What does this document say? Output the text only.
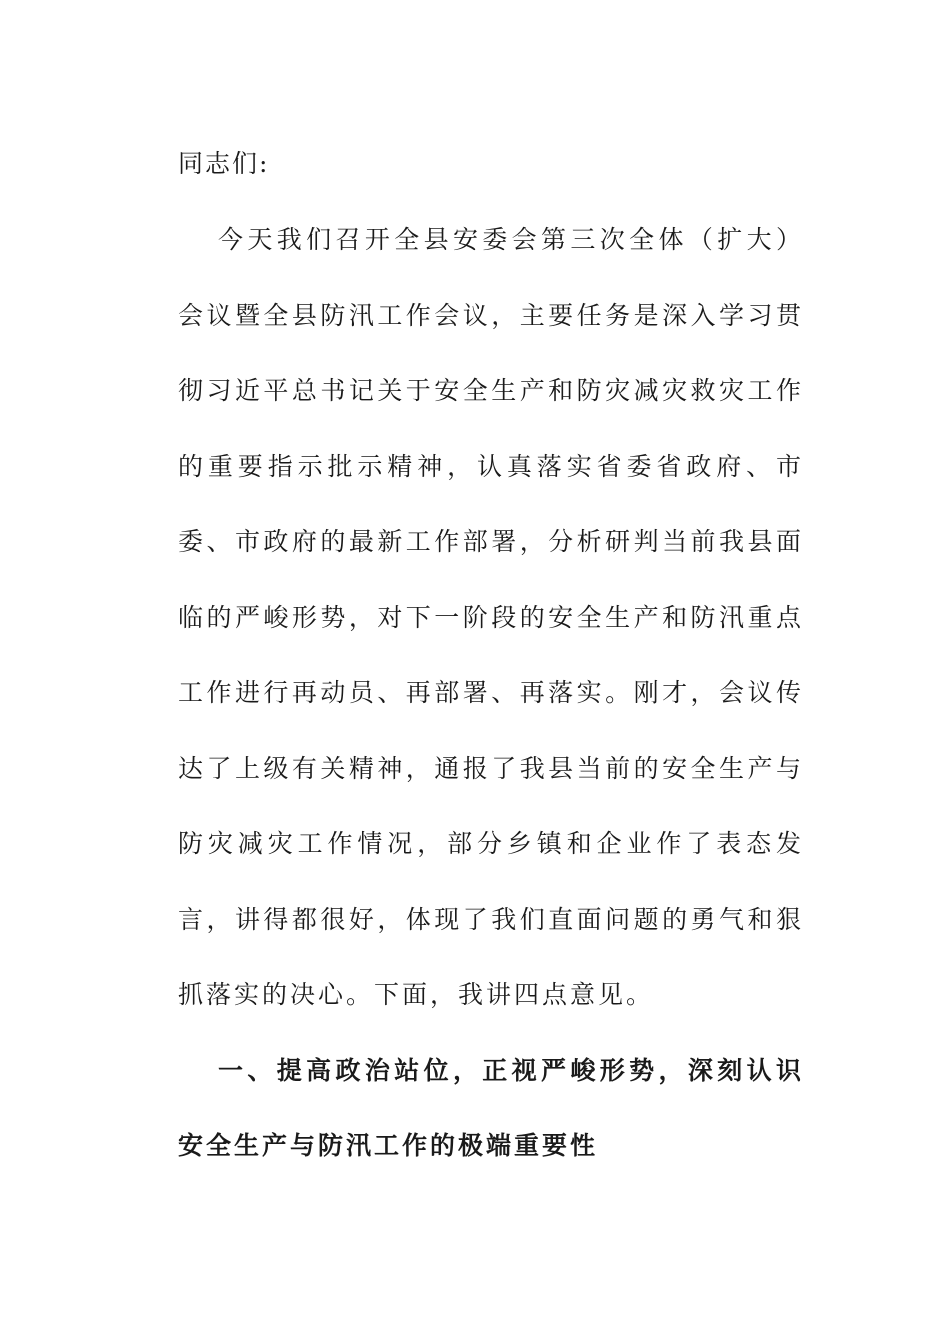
同志们:

今天我们召开全县安委会第三次全体（扩大）会议暨全县防汛工作会议，主要任务是深入学习贯彻习近平总书记关于安全生产和防灾减灾救灾工作的重要指示批示精神，认真落实省委省政府、市委、市政府的最新工作部署，分析研判当前我县面临的严峻形势，对下一阶段的安全生产和防汛重点工作进行再动员、再部署、再落实。刚才，会议传达了上级有关精神，通报了我县当前的安全生产与防灾减灾工作情况，部分乡镇和企业作了表态发言，讲得都很好，体现了我们直面问题的勇气和狠抓落实的决心。下面，我讲四点意见。

一、提高政治站位，正视严峻形势，深刻认识安全生产与防汛工作的极端重要性
